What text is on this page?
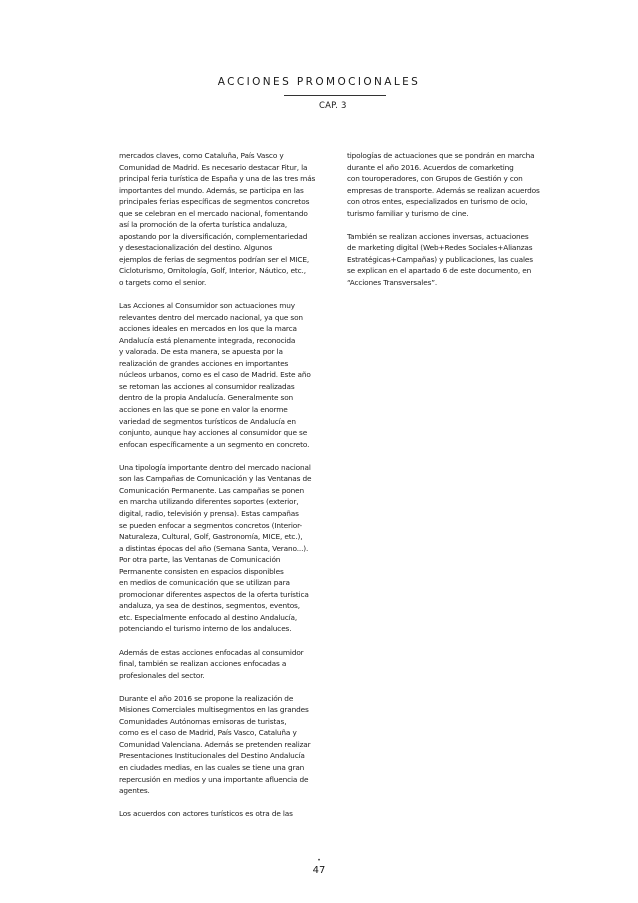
ACCIONES PROMOCIONALES
CAP. 3
mercados claves, como Cataluña, País Vasco y
Comunidad de Madrid. Es necesario destacar Fitur, la
principal feria turística de España y una de las tres más
importantes del mundo. Además, se participa en las
principales ferias específicas de segmentos concretos
que se celebran en el mercado nacional, fomentando
así la promoción de la oferta turística andaluza,
apostando por la diversificación, complementariedad
y desestacionalización del destino. Algunos
ejemplos de ferias de segmentos podrían ser el MICE,
Cicloturismo, Ornitología, Golf, Interior, Náutico, etc.,
o targets como el senior.
Las Acciones al Consumidor son actuaciones muy
relevantes dentro del mercado nacional, ya que son
acciones ideales en mercados en los que la marca
Andalucía está plenamente integrada, reconocida
y valorada. De esta manera, se apuesta por la
realización de grandes acciones en importantes
núcleos urbanos, como es el caso de Madrid. Este año
se retoman las acciones al consumidor realizadas
dentro de la propia Andalucía. Generalmente son
acciones en las que se pone en valor la enorme
variedad de segmentos turísticos de Andalucía en
conjunto, aunque hay acciones al consumidor que se
enfocan específicamente a un segmento en concreto.
Una tipología importante dentro del mercado nacional
son las Campañas de Comunicación y las Ventanas de
Comunicación Permanente. Las campañas se ponen
en marcha utilizando diferentes soportes (exterior,
digital, radio, televisión y prensa). Estas campañas
se pueden enfocar a segmentos concretos (Interior-
Naturaleza, Cultural, Golf, Gastronomía, MICE, etc.),
a distintas épocas del año (Semana Santa, Verano...).
Por otra parte, las Ventanas de Comunicación
Permanente consisten en espacios disponibles
en medios de comunicación que se utilizan para
promocionar diferentes aspectos de la oferta turística
andaluza, ya sea de destinos, segmentos, eventos,
etc. Especialmente enfocado al destino Andalucía,
potenciando el turismo interno de los andaluces.
Además de estas acciones enfocadas al consumidor
final, también se realizan acciones enfocadas a
profesionales del sector.
Durante el año 2016 se propone la realización de
Misiones Comerciales multisegmentos en las grandes
Comunidades Autónomas emisoras de turistas,
como es el caso de Madrid, País Vasco, Cataluña y
Comunidad Valenciana. Además se pretenden realizar
Presentaciones Institucionales del Destino Andalucía
en ciudades medias, en las cuales se tiene una gran
repercusión en medios y una importante afluencia de
agentes.
Los acuerdos con actores turísticos es otra de las
tipologías de actuaciones que se pondrán en marcha
durante el año 2016. Acuerdos de comarketing
con touroperadores, con Grupos de Gestión y con
empresas de transporte. Además se realizan acuerdos
con otros entes, especializados en turismo de ocio,
turismo familiar y turismo de cine.
También se realizan acciones inversas, actuaciones
de marketing digital (Web+Redes Sociales+Alianzas
Estratégicas+Campañas) y publicaciones, las cuales
se explican en el apartado 6 de este documento, en
“Acciones Transversales”.
•
47
